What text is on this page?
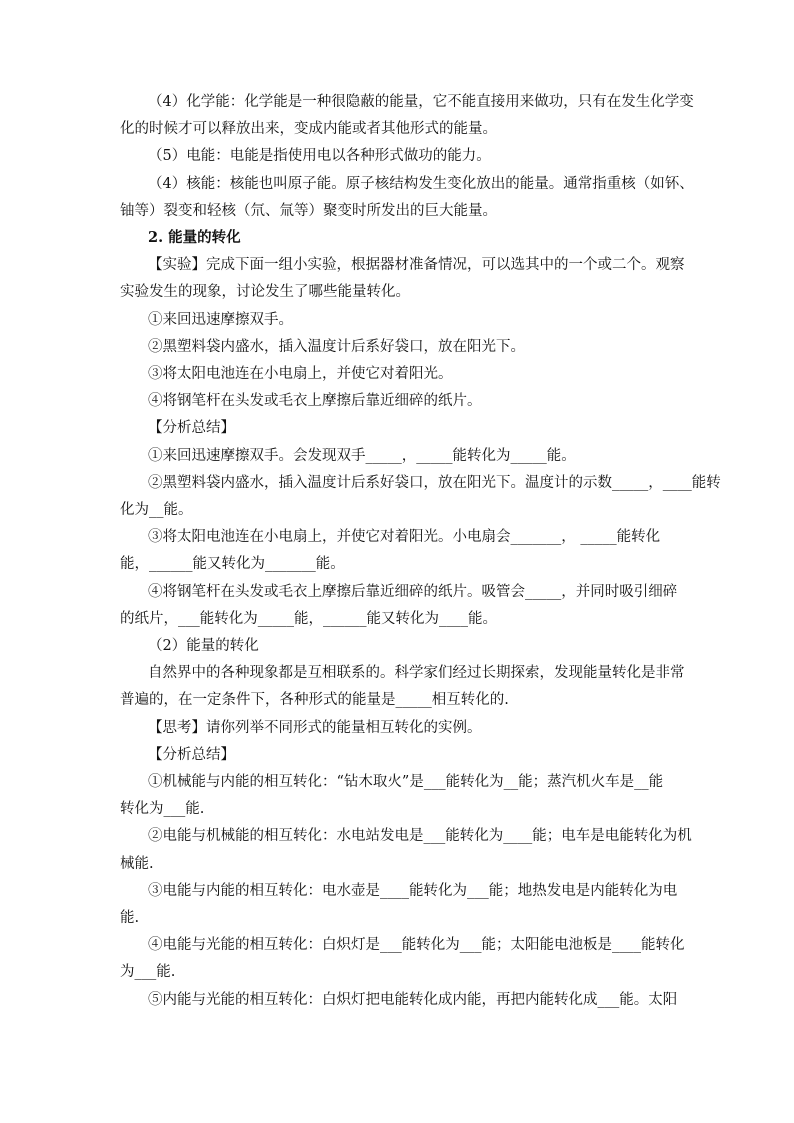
（4）化学能：化学能是一种很隐蔽的能量，它不能直接用来做功，只有在发生化学变
化的时候才可以释放出来，变成内能或者其他形式的能量。
（5）电能：电能是指使用电以各种形式做功的能力。
（4）核能：核能也叫原子能。原子核结构发生变化放出的能量。通常指重核（如钚、
铀等）裂变和轻核（氘、氚等）聚变时所发出的巨大能量。
2. 能量的转化
【实验】完成下面一组小实验，根据器材准备情况，可以选其中的一个或二个。观察
实验发生的现象，讨论发生了哪些能量转化。
①来回迅速摩擦双手。
②黑塑料袋内盛水，插入温度计后系好袋口，放在阳光下。
③将太阳电池连在小电扇上，并使它对着阳光。
④将钢笔杆在头发或毛衣上摩擦后靠近细碎的纸片。
【分析总结】
①来回迅速摩擦双手。会发现双手_____，_____能转化为_____能。
②黑塑料袋内盛水，插入温度计后系好袋口，放在阳光下。温度计的示数_____，____能转
化为__能。
③将太阳电池连在小电扇上，并使它对着阳光。小电扇会_______， _____能转化
能，______能又转化为_______能。
④将钢笔杆在头发或毛衣上摩擦后靠近细碎的纸片。吸管会_____，并同时吸引细碎
的纸片，___能转化为_____能，______能又转化为____能。
（2）能量的转化
自然界中的各种现象都是互相联系的。科学家们经过长期探索，发现能量转化是非常
普遍的，在一定条件下，各种形式的能量是_____相互转化的.
【思考】请你列举不同形式的能量相互转化的实例。
【分析总结】
①机械能与内能的相互转化：“钻木取火”是___能转化为__能；蒸汽机火车是__能
转化为___能.
②电能与机械能的相互转化：水电站发电是___能转化为____能；电车是电能转化为机
械能.
③电能与内能的相互转化：电水壶是____能转化为___能；地热发电是内能转化为电
能.
④电能与光能的相互转化：白炽灯是___能转化为___能；太阳能电池板是____能转化
为___能.
⑤内能与光能的相互转化：白炽灯把电能转化成内能，再把内能转化成___能。太阳
